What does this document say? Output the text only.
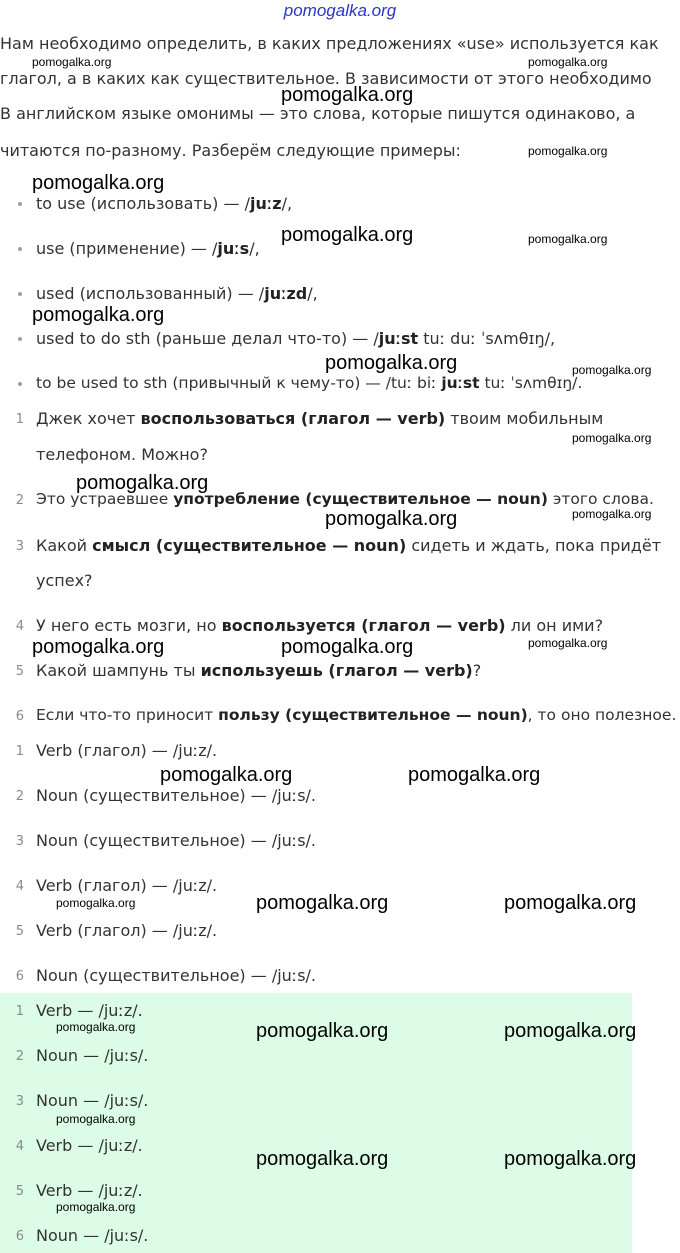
pomogalka.org
Нам необходимо определить, в каких предложениях «use» используется как
глагол, а в каких как существительное. В зависимости от этого необходимо
В английском языке омонимы — это слова, которые пишутся одинаково, а
читаются по-разному. Разберём следующие примеры:
to use (использовать) — /juːz/,
use (применение) — /juːs/,
used (использованный) — /juːzd/,
used to do sth (раньше делал что-то) — /juːst tuː duː ˈsʌmθɪŋ/,
to be used to sth (привычный к чему-то) — /tuː biː juːst tuː ˈsʌmθɪŋ/.
1 Джек хочет воспользоваться (глагол — verb) твоим мобильным
телефоном. Можно?
2 Это устраевшее употребление (существительное — noun) этого слова.
3 Какой смысл (существительное — noun) сидеть и ждать, пока придёт
успех?
4 У него есть мозги, но воспользуется (глагол — verb) ли он ими?
5 Какой шампунь ты используешь (глагол — verb)?
6 Если что-то приносит пользу (существительное — noun), то оно полезное.
1 Verb (глагол) — /juːz/.
2 Noun (существительное) — /juːs/.
3 Noun (существительное) — /juːs/.
4 Verb (глагол) — /juːz/.
5 Verb (глагол) — /juːz/.
6 Noun (существительное) — /juːs/.
1 Verb — /juːz/.
2 Noun — /juːs/.
3 Noun — /juːs/.
4 Verb — /juːz/.
5 Verb — /juːz/.
6 Noun — /juːs/.
pomogalka.org	pomogalka.org
pomogalka.org
pomogalka.org
pomogalka.org
pomogalka.org	pomogalka.org
pomogalka.org
pomogalka.org	pomogalka.org
pomogalka.org
pomogalka.org
pomogalka.org
pomogalka.org
pomogalka.org	pomogalka.org	pomogalka.org
pomogalka.org	pomogalka.org
pomogalka.org	pomogalka.org	pomogalka.org
pomogalka.org	pomogalka.org	pomogalka.org
pomogalka.org
pomogalka.org	pomogalka.org
pomogalka.org
